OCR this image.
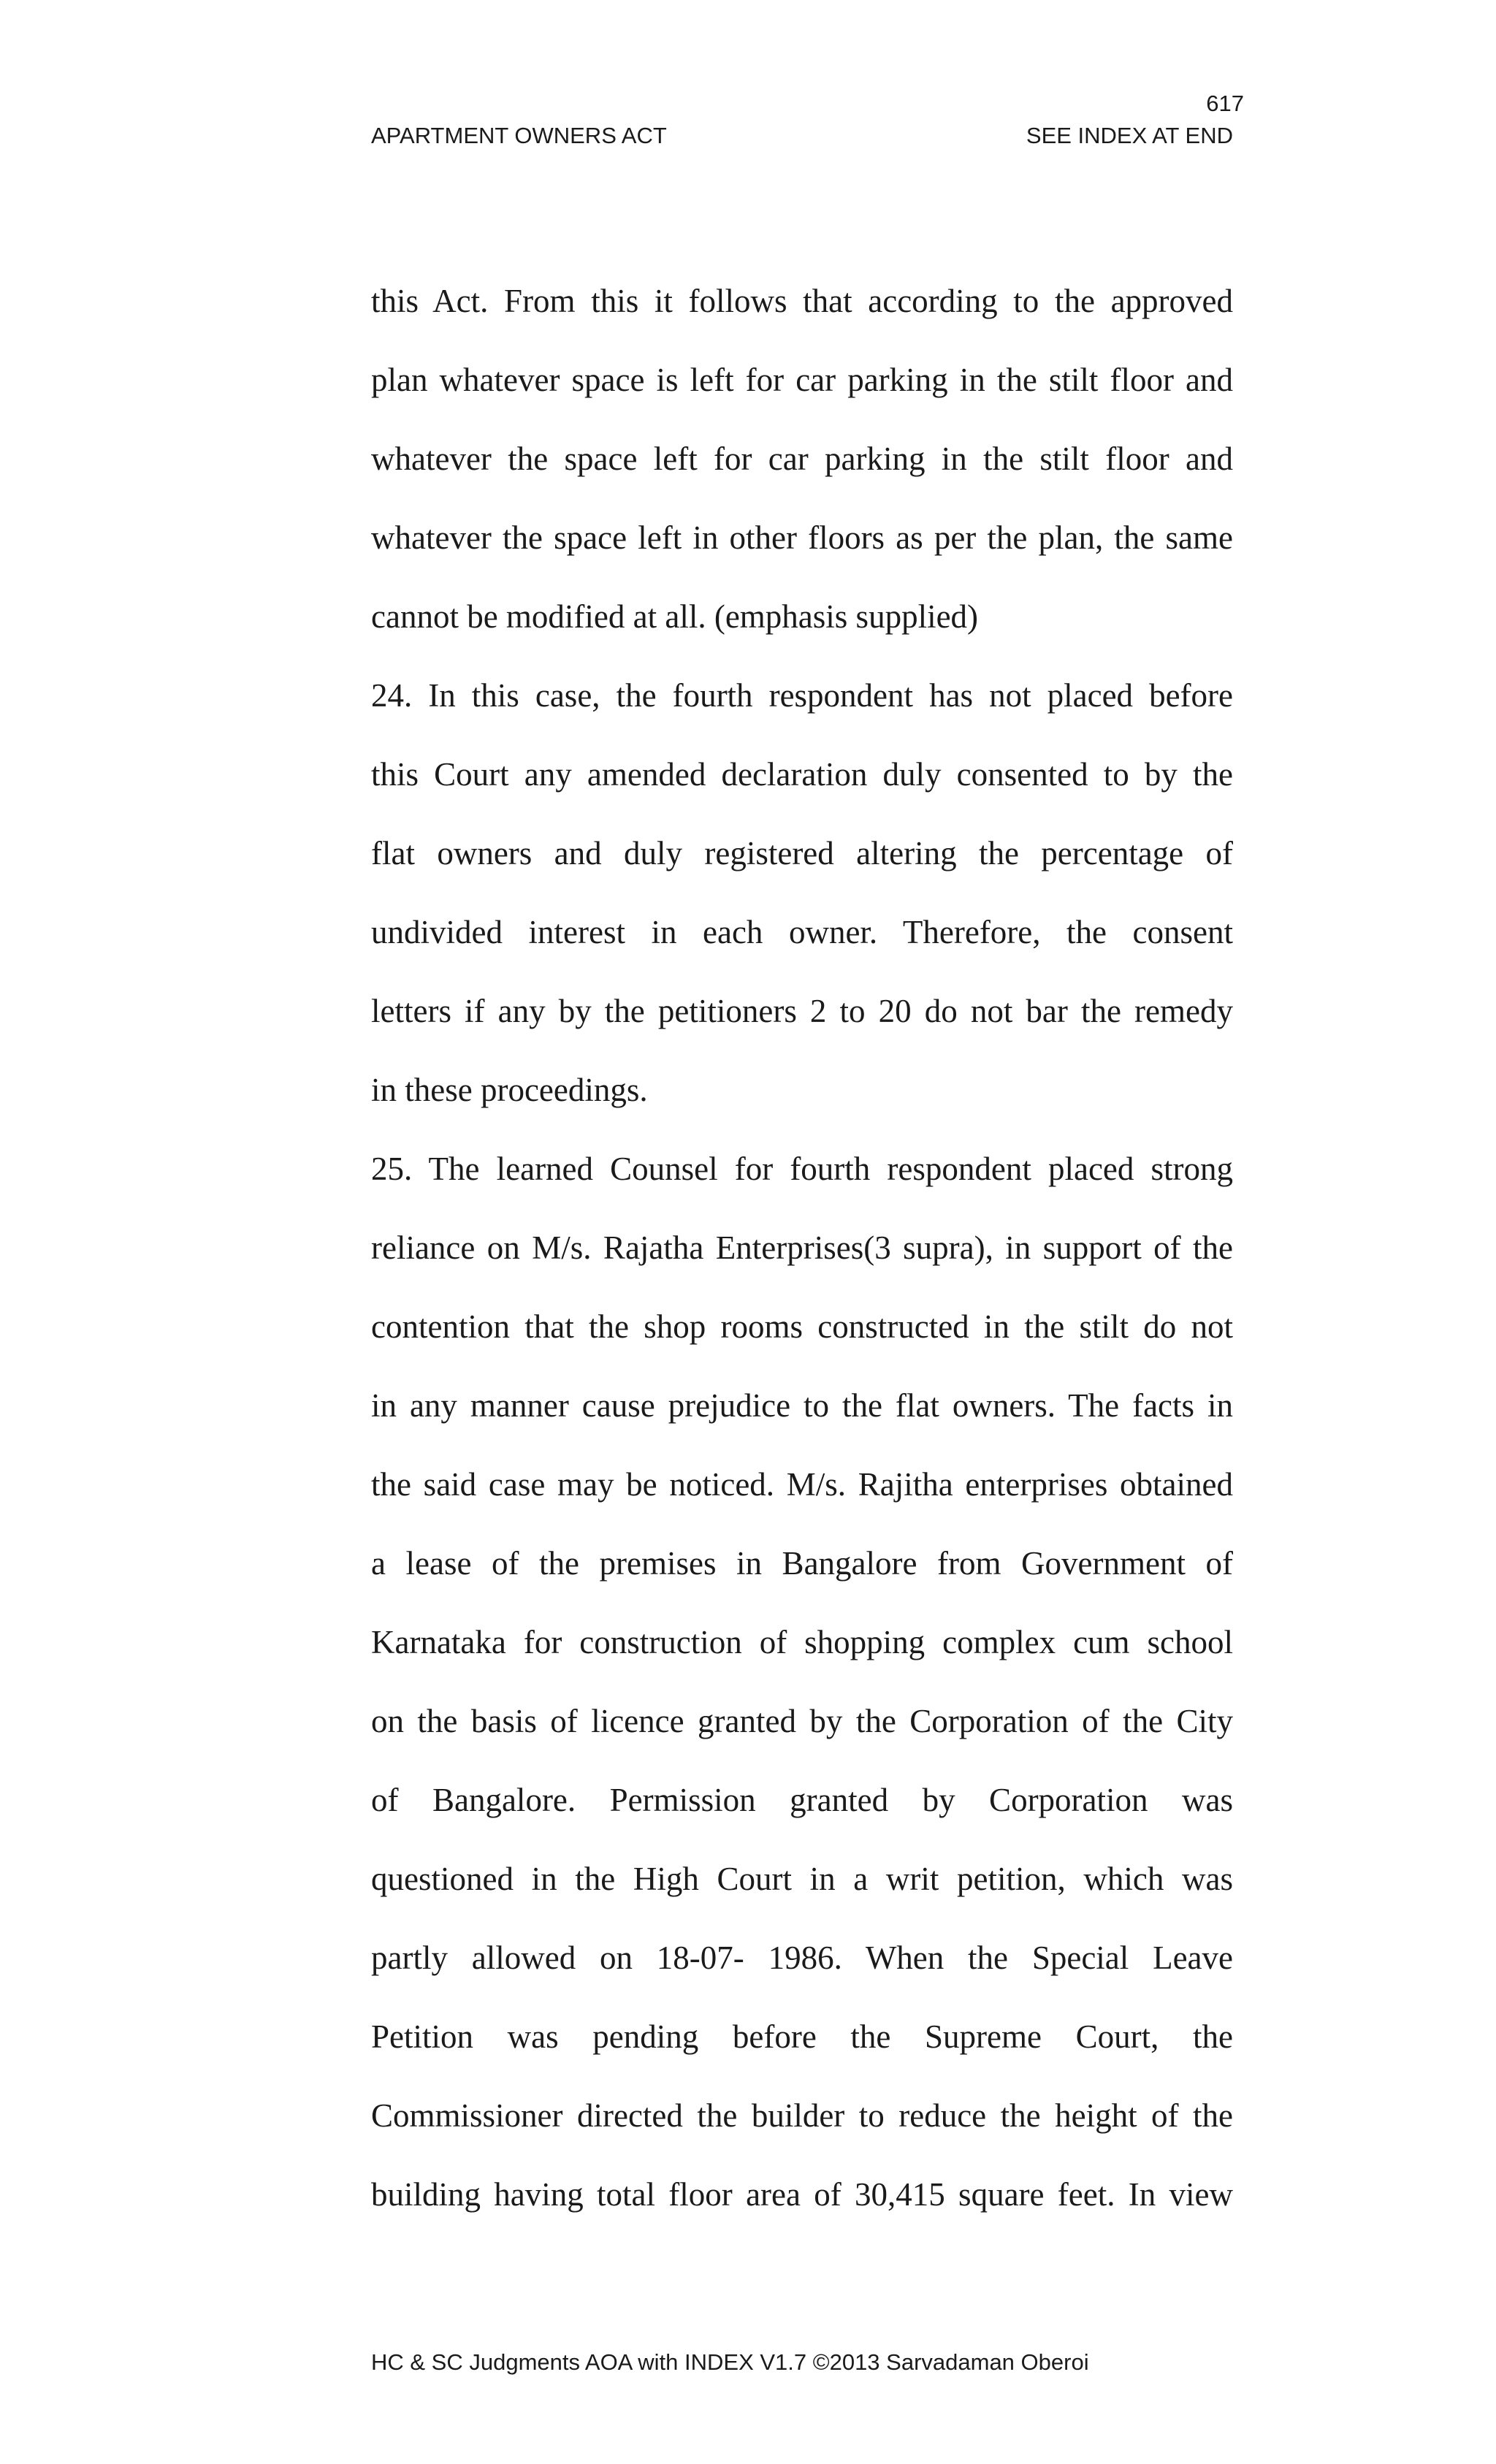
617
APARTMENT OWNERS ACT	SEE INDEX AT END
this Act. From this it follows that according to the approved
plan whatever space is left for car parking in the stilt floor and
whatever the space left for car parking in the stilt floor and
whatever the space left in other floors as per the plan, the same
cannot be modified at all. (emphasis supplied)
24. In this case, the fourth respondent has not placed before
this Court any amended declaration duly consented to by the
flat owners and duly registered altering the percentage of
undivided interest in each owner. Therefore, the consent
letters if any by the petitioners 2 to 20 do not bar the remedy
in these proceedings.
25. The learned Counsel for fourth respondent placed strong
reliance on M/s. Rajatha Enterprises(3 supra), in support of the
contention that the shop rooms constructed in the stilt do not
in any manner cause prejudice to the flat owners. The facts in
the said case may be noticed. M/s. Rajitha enterprises obtained
a lease of the premises in Bangalore from Government of
Karnataka for construction of shopping complex cum school
on the basis of licence granted by the Corporation of the City
of Bangalore. Permission granted by Corporation was
questioned in the High Court in a writ petition, which was
partly allowed on 18-07- 1986. When the Special Leave
Petition was pending before the Supreme Court, the
Commissioner directed the builder to reduce the height of the
building having total floor area of 30,415 square feet. In view
HC & SC Judgments AOA with INDEX V1.7 ©2013 Sarvadaman Oberoi
